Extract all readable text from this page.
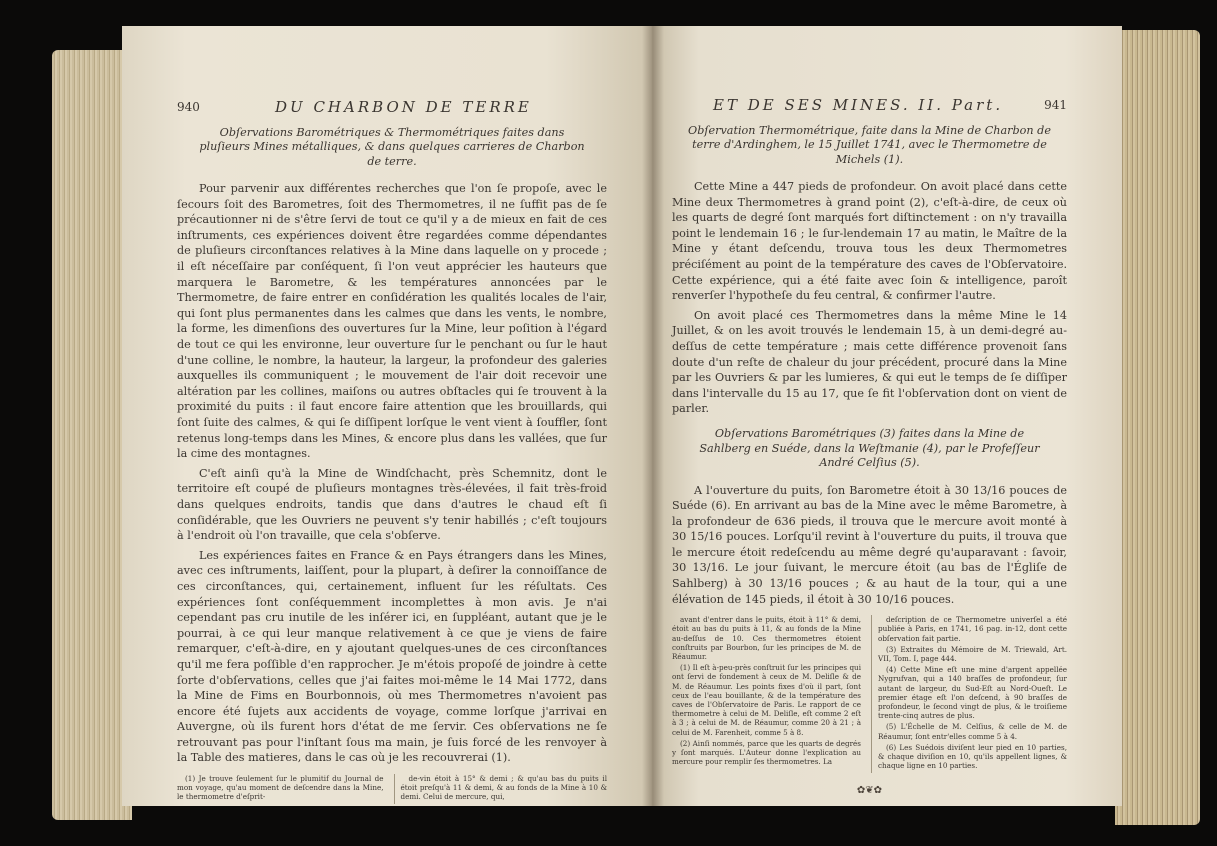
940	DU CHARBON DE TERRE
Obſervations Barométriques & Thermométriques faites dans pluſieurs Mines métalliques, & dans quelques carrieres de Charbon de terre.

Pour parvenir aux différentes recherches que l'on ſe propoſe, avec le ſecours ſoit des Barometres, ſoit des Thermometres, il ne ſuffit pas de ſe précautionner ni de s'être ſervi de tout ce qu'il y a de mieux en fait de ces inſtruments, ces expériences doivent être regardées comme dépendantes de pluſieurs circonſtances relatives à la Mine dans laquelle on y procede ; il eſt néceſſaire par conſéquent, ſi l'on veut apprécier les hauteurs que marquera le Barometre, & les températures annoncées par le Thermometre, de faire entrer en conſidération les qualités locales de l'air, qui ſont plus permanentes dans les calmes que dans les vents, le nombre, la forme, les dimenſions des ouvertures ſur la Mine, leur poſition à l'égard de tout ce qui les environne, leur ouverture ſur le penchant ou ſur le haut d'une colline, le nombre, la hauteur, la largeur, la profondeur des galeries auxquelles ils communiquent ; le mouvement de l'air doit recevoir une altération par les collines, maiſons ou autres obſtacles qui ſe trouvent à la proximité du puits : il faut encore faire attention que les brouillards, qui ſont ſuite des calmes, & qui ſe diſſipent lorſque le vent vient à ſouffler, ſont retenus long-temps dans les Mines, & encore plus dans les vallées, que ſur la cime des montagnes.

C'eſt ainſi qu'à la Mine de Windſchacht, près Schemnitz, dont le territoire eſt coupé de pluſieurs montagnes très-élevées, il fait très-froid dans quelques endroits, tandis que dans d'autres le chaud eſt ſi conſidérable, que les Ouvriers ne peuvent s'y tenir habillés ; c'eſt toujours à l'endroit où l'on travaille, que cela s'obſerve.

Les expériences faites en France & en Pays étrangers dans les Mines, avec ces inſtruments, laiſſent, pour la plupart, à deſirer la connoiſſance de ces circonſtances, qui, certainement, influent ſur les réſultats. Ces expériences ſont conſéquemment incomplettes à mon avis. Je n'ai cependant pas cru inutile de les inſérer ici, en ſuppléant, autant que je le pourrai, à ce qui leur manque relativement à ce que je viens de faire remarquer, c'eſt-à-dire, en y ajoutant quelques-unes de ces circonſtances qu'il me fera poſſible d'en rapprocher. Je m'étois propoſé de joindre à cette ſorte d'obſervations, celles que j'ai faites moi-même le 14 Mai 1772, dans la Mine de Fims en Bourbonnois, où mes Thermometres n'avoient pas encore été ſujets aux accidents de voyage, comme lorſque j'arrivai en Auvergne, où ils furent hors d'état de me ſervir. Ces obſervations ne ſe retrouvant pas pour l'inſtant ſous ma main, je ſuis forcé de les renvoyer à la Table des matieres, dans le cas où je les recouvrerai (1).

(1) Je trouve ſeulement ſur le plumitif du Journal de mon voyage, qu'au moment de deſcendre dans la Mine, le thermometre d'eſprit-

de-vin étoit à 15° & demi ; & qu'au bas du puits il étoit preſqu'à 11 & demi, & au fonds de la Mine à 10 & demi. Celui de mercure, qui,

ET DE SES MINES. II. Part.	941
Obſervation Thermométrique, faite dans la Mine de Charbon de terre d'Ardinghem, le 15 Juillet 1741, avec le Thermometre de Michels (1).

Cette Mine a 447 pieds de profondeur. On avoit placé dans cette Mine deux Thermometres à grand point (2), c'eſt-à-dire, de ceux où les quarts de degré ſont marqués fort diſtinctement : on n'y travailla point le lendemain 16 ; le ſur-lendemain 17 au matin, le Maître de la Mine y étant deſcendu, trouva tous les deux Thermometres préciſément au point de la température des caves de l'Obſervatoire. Cette expérience, qui a été faite avec ſoin & intelligence, paroît renverſer l'hypotheſe du feu central, & confirmer l'autre.

On avoit placé ces Thermometres dans la même Mine le 14 Juillet, & on les avoit trouvés le lendemain 15, à un demi-degré au-deſſus de cette température ; mais cette différence provenoit ſans doute d'un reſte de chaleur du jour précédent, procuré dans la Mine par les Ouvriers & par les lumieres, & qui eut le temps de ſe diſſiper dans l'intervalle du 15 au 17, que ſe fit l'obſervation dont on vient de parler.

Obſervations Barométriques (3) faites dans la Mine de Sahlberg en Suéde, dans la Weſtmanie (4), par le Profeſſeur André Celſius (5).

A l'ouverture du puits, ſon Barometre étoit à 30 13/16 pouces de Suéde (6). En arrivant au bas de la Mine avec le même Barometre, à la profondeur de 636 pieds, il trouva que le mercure avoit monté à 30 15/16 pouces. Lorſqu'il revint à l'ouverture du puits, il trouva que le mercure étoit redeſcendu au même degré qu'auparavant : ſavoir, 30 13/16. Le jour ſuivant, le mercure étoit (au bas de l'Égliſe de Sahlberg) à 30 13/16 pouces ; & au haut de la tour, qui a une élévation de 145 pieds, il étoit à 30 10/16 pouces.

avant d'entrer dans le puits, étoit à 11° & demi, étoit au bas du puits à 11, & au fonds de la Mine au-deſſus de 10. Ces thermometres étoient conſtruits par Bourbon, ſur les principes de M. de Réaumur.

(1) Il eſt à-peu-près conſtruit ſur les principes qui ont ſervi de fondement à ceux de M. Deliſle & de M. de Réaumur. Les points fixes d'où il part, ſont ceux de l'eau bouillante, & de la température des caves de l'Obſervatoire de Paris. Le rapport de ce thermometre à celui de M. Deliſle, eſt comme 2 eſt à 3 ; à celui de M. de Réaumur, comme 20 à 21 ; à celui de M. Farenheit, comme 5 à 8.

(2) Ainſi nommés, parce que les quarts de degrés y ſont marqués. L'Auteur donne l'explication au mercure pour remplir ſes thermometres. La

deſcription de ce Thermometre univerſel a été publiée à Paris, en 1741, 16 pag. in-12, dont cette obſervation fait partie.

(3) Extraites du Mémoire de M. Triewald, Art. VII, Tom. I, page 444.

(4) Cette Mine eſt une mine d'argent appellée Nygrufvan, qui a 140 braſſes de profondeur, ſur autant de largeur, du Sud-Eſt au Nord-Oueſt. Le premier étage eſt l'on deſcend, à 90 braſſes de profondeur, le ſecond vingt de plus, & le troiſieme trente-cinq autres de plus.

(5) L'Échelle de M. Celſius, & celle de M. de Réaumur, ſont entr'elles comme 5 à 4.

(6) Les Suédois diviſent leur pied en 10 parties, & chaque diviſion en 10, qu'ils appellent lignes, & chaque ligne en 10 parties.

✿❦✿
